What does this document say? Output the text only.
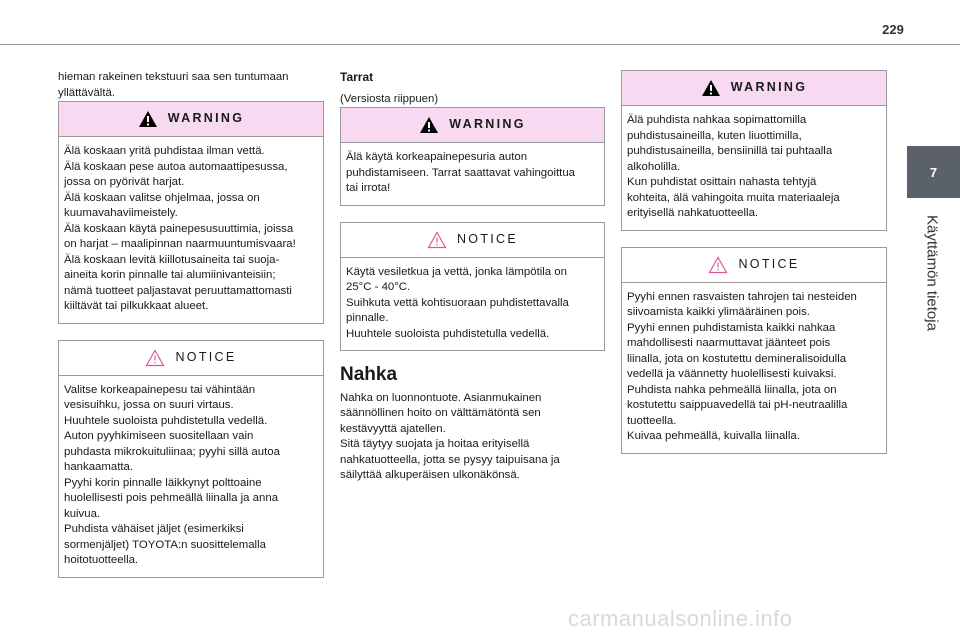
229
7
Käyttämön tietoja

hieman rakeinen tekstuuri saa sen tuntumaan
yllättävältä.

WARNING
Älä koskaan yritä puhdistaa ilman vettä.
Älä koskaan pese autoa automaattipesussa,
jossa on pyörivät harjat.
Älä koskaan valitse ohjelmaa, jossa on
kuumavahaviimeistely.
Älä koskaan käytä painepesusuuttimia, joissa
on harjat – maalipinnan naarmuuntumisvaara!
Älä koskaan levitä kiillotusaineita tai suoja-
aineita korin pinnalle tai alumiinivanteisiin;
nämä tuotteet paljastavat peruuttamattomasti
kiiltävät tai pilkukkaat alueet.
NOTICE
Valitse korkeapainepesu tai vähintään
vesisuihku, jossa on suuri virtaus.
Huuhtele suoloista puhdistetulla vedellä.
Auton pyyhkimiseen suositellaan vain
puhdasta mikrokuituliinaa; pyyhi sillä autoa
hankaamatta.
Pyyhi korin pinnalle läikkynyt polttoaine
huolellisesti pois pehmeällä liinalla ja anna
kuivua.
Puhdista vähäiset jäljet (esimerkiksi
sormenjäljet) TOYOTA:n suosittelemalla
hoitotuotteella.
Tarrat

(Versiosta riippuen)

WARNING
Älä käytä korkeapainepesuria auton
puhdistamiseen. Tarrat saattavat vahingoittua
tai irrota!
NOTICE
Käytä vesiletkua ja vettä, jonka lämpötila on
25°C - 40°C.
Suihkuta vettä kohtisuoraan puhdistettavalla
pinnalle.
Huuhtele suoloista puhdistetulla vedellä.
Nahka

Nahka on luonnontuote. Asianmukainen
säännöllinen hoito on välttämätöntä sen
kestävyyttä ajatellen.
Sitä täytyy suojata ja hoitaa erityisellä
nahkatuotteella, jotta se pysyy taipuisana ja
säilyttää alkuperäisen ulkonäkönsä.

WARNING
Älä puhdista nahkaa sopimattomilla
puhdistusaineilla, kuten liuottimilla,
puhdistusaineilla, bensiinillä tai puhtaalla
alkoholilla.
Kun puhdistat osittain nahasta tehtyjä
kohteita, älä vahingoita muita materiaaleja
erityisellä nahkatuotteella.
NOTICE
Pyyhi ennen rasvaisten tahrojen tai nesteiden
siivoamista kaikki ylimääräinen pois.
Pyyhi ennen puhdistamista kaikki nahkaa
mahdollisesti naarmuttavat jäänteet pois
liinalla, jota on kostutettu demineralisoidulla
vedellä ja väännetty huolellisesti kuivaksi.
Puhdista nahka pehmeällä liinalla, jota on
kostutettu saippuavedellä tai pH-neutraalilla
tuotteella.
Kuivaa pehmeällä, kuivalla liinalla.
carmanualsonline.info
